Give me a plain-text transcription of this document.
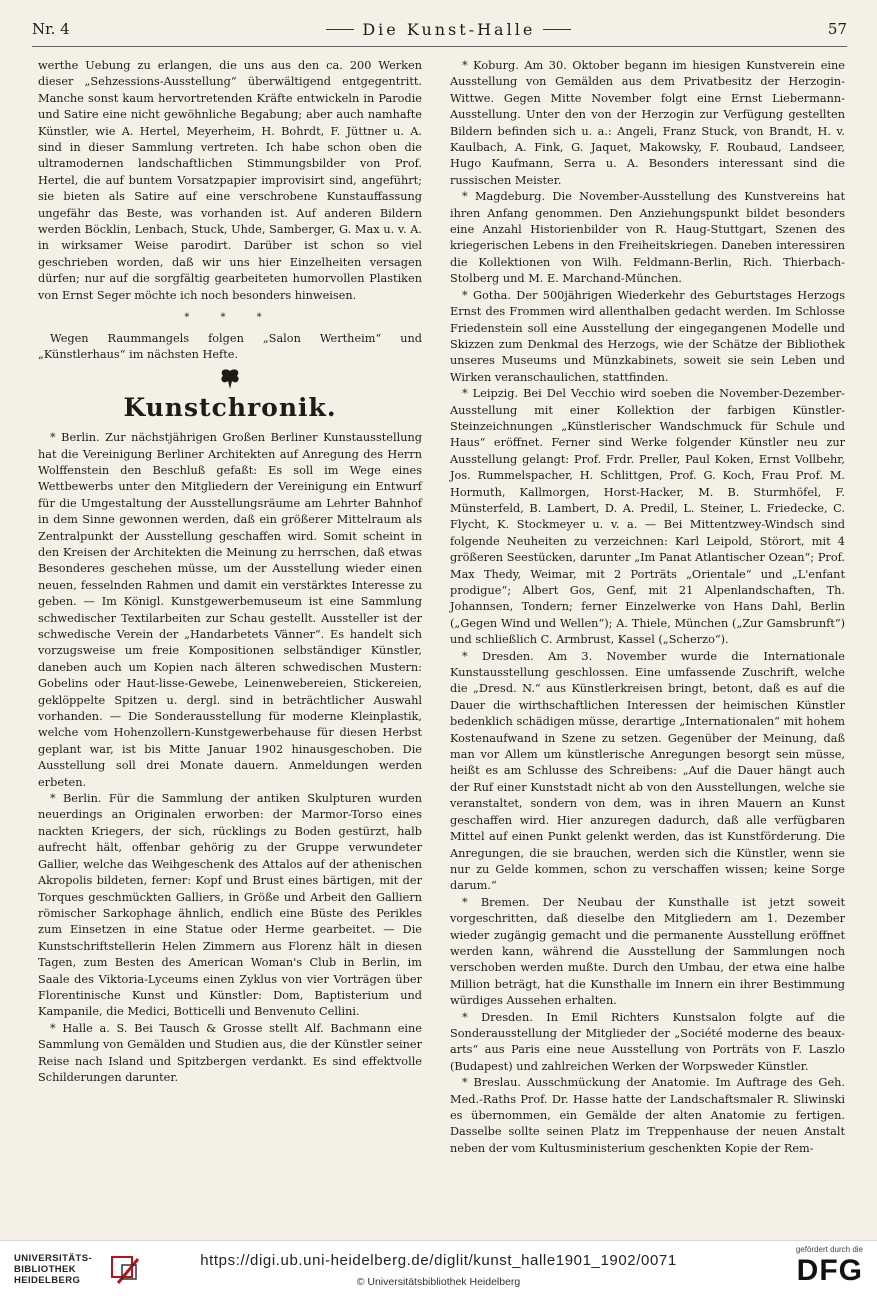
Nr. 4	Die Kunst-Halle	57

werthe Uebung zu erlangen, die uns aus den ca. 200 Werken dieser „Sehzessions-Ausstellung“ überwältigend entgegentritt. Manche sonst kaum hervortretenden Kräfte entwickeln in Parodie und Satire eine nicht gewöhnliche Begabung; aber auch namhafte Künstler, wie A. Hertel, Meyerheim, H. Bohrdt, F. Jüttner u. A. sind in dieser Sammlung vertreten. Ich habe schon oben die ultramodernen landschaftlichen Stimmungsbilder von Prof. Hertel, die auf buntem Vorsatzpapier improvisirt sind, angeführt; sie bieten als Satire auf eine verschrobene Kunstauffassung ungefähr das Beste, was vorhanden ist. Auf anderen Bildern werden Böcklin, Lenbach, Stuck, Uhde, Samberger, G. Max u. v. A. in wirksamer Weise parodirt. Darüber ist schon so viel geschrieben worden, daß wir uns hier Einzelheiten versagen dürfen; nur auf die sorgfältig gearbeiteten humorvollen Plastiken von Ernst Seger möchte ich noch besonders hinweisen.

* * *

Wegen Raummangels folgen „Salon Wertheim“ und „Künstlerhaus“ im nächsten Hefte.

Kunstchronik.

* Berlin. Zur nächstjährigen Großen Berliner Kunstausstellung hat die Vereinigung Berliner Architekten auf Anregung des Herrn Wolffenstein den Beschluß gefaßt: Es soll im Wege eines Wettbewerbs unter den Mitgliedern der Vereinigung ein Entwurf für die Umgestaltung der Ausstellungsräume am Lehrter Bahnhof in dem Sinne gewonnen werden, daß ein größerer Mittelraum als Zentralpunkt der Ausstellung geschaffen wird. Somit scheint in den Kreisen der Architekten die Meinung zu herrschen, daß etwas Besonderes geschehen müsse, um der Ausstellung wieder einen neuen, fesselnden Rahmen und damit ein verstärktes Interesse zu geben. — Im Königl. Kunstgewerbemuseum ist eine Sammlung schwedischer Textilarbeiten zur Schau gestellt. Aussteller ist der schwedische Verein der „Handarbetets Vänner“. Es handelt sich vorzugsweise um freie Kompositionen selbständiger Künstler, daneben auch um Kopien nach älteren schwedischen Mustern: Gobelins oder Haut-lisse-Gewebe, Leinenwebereien, Stickereien, geklöppelte Spitzen u. dergl. sind in beträchtlicher Auswahl vorhanden. — Die Sonderausstellung für moderne Kleinplastik, welche vom Hohenzollern-Kunstgewerbehause für diesen Herbst geplant war, ist bis Mitte Januar 1902 hinausgeschoben. Die Ausstellung soll drei Monate dauern. Anmeldungen werden erbeten.

* Berlin. Für die Sammlung der antiken Skulpturen wurden neuerdings an Originalen erworben: der Marmor-Torso eines nackten Kriegers, der sich, rücklings zu Boden gestürzt, halb aufrecht hält, offenbar gehörig zu der Gruppe verwundeter Gallier, welche das Weihgeschenk des Attalos auf der athenischen Akropolis bildeten, ferner: Kopf und Brust eines bärtigen, mit der Torques geschmückten Galliers, in Größe und Arbeit den Galliern römischer Sarkophage ähnlich, endlich eine Büste des Perikles zum Einsetzen in eine Statue oder Herme gearbeitet. — Die Kunstschriftstellerin Helen Zimmern aus Florenz hält in diesen Tagen, zum Besten des American Woman's Club in Berlin, im Saale des Viktoria-Lyceums einen Zyklus von vier Vorträgen über Florentinische Kunst und Künstler: Dom, Baptisterium und Kampanile, die Medici, Botticelli und Benvenuto Cellini.

* Halle a. S. Bei Tausch & Grosse stellt Alf. Bachmann eine Sammlung von Gemälden und Studien aus, die der Künstler seiner Reise nach Island und Spitzbergen verdankt. Es sind effektvolle Schilderungen darunter.

* Koburg. Am 30. Oktober begann im hiesigen Kunstverein eine Ausstellung von Gemälden aus dem Privatbesitz der Herzogin-Wittwe. Gegen Mitte November folgt eine Ernst Liebermann-Ausstellung. Unter den von der Herzogin zur Verfügung gestellten Bildern befinden sich u. a.: Angeli, Franz Stuck, von Brandt, H. v. Kaulbach, A. Fink, G. Jaquet, Makowsky, F. Roubaud, Landseer, Hugo Kaufmann, Serra u. A. Besonders interessant sind die russischen Meister.

* Magdeburg. Die November-Ausstellung des Kunstvereins hat ihren Anfang genommen. Den Anziehungspunkt bildet besonders eine Anzahl Historienbilder von R. Haug-Stuttgart, Szenen des kriegerischen Lebens in den Freiheitskriegen. Daneben interessiren die Kollektionen von Wilh. Feldmann-Berlin, Rich. Thierbach-Stolberg und M. E. Marchand-München.

* Gotha. Der 500jährigen Wiederkehr des Geburtstages Herzogs Ernst des Frommen wird allenthalben gedacht werden. Im Schlosse Friedenstein soll eine Ausstellung der eingegangenen Modelle und Skizzen zum Denkmal des Herzogs, wie der Schätze der Bibliothek unseres Museums und Münzkabinets, soweit sie sein Leben und Wirken veranschaulichen, stattfinden.

* Leipzig. Bei Del Vecchio wird soeben die November-Dezember-Ausstellung mit einer Kollektion der farbigen Künstler-Steinzeichnungen „Künstlerischer Wandschmuck für Schule und Haus“ eröffnet. Ferner sind Werke folgender Künstler neu zur Ausstellung gelangt: Prof. Frdr. Preller, Paul Koken, Ernst Vollbehr, Jos. Rummelspacher, H. Schlittgen, Prof. G. Koch, Frau Prof. M. Hormuth, Kallmorgen, Horst-Hacker, M. B. Sturmhöfel, F. Münsterfeld, B. Lambert, D. A. Predil, L. Steiner, L. Friedecke, C. Flycht, K. Stockmeyer u. v. a. — Bei Mittentzwey-Windsch sind folgende Neuheiten zu verzeichnen: Karl Leipold, Störort, mit 4 größeren Seestücken, darunter „Im Panat Atlantischer Ozean“; Prof. Max Thedy, Weimar, mit 2 Porträts „Orientale“ und „L'enfant prodigue“; Albert Gos, Genf, mit 21 Alpenlandschaften, Th. Johannsen, Tondern; ferner Einzelwerke von Hans Dahl, Berlin („Gegen Wind und Wellen“); A. Thiele, München („Zur Gamsbrunft“) und schließlich C. Armbrust, Kassel („Scherzo“).

* Dresden. Am 3. November wurde die Internationale Kunstausstellung geschlossen. Eine umfassende Zuschrift, welche die „Dresd. N.“ aus Künstlerkreisen bringt, betont, daß es auf die Dauer die wirthschaftlichen Interessen der heimischen Künstler bedenklich schädigen müsse, derartige „Internationalen“ mit hohem Kostenaufwand in Szene zu setzen. Gegenüber der Meinung, daß man vor Allem um künstlerische Anregungen besorgt sein müsse, heißt es am Schlusse des Schreibens: „Auf die Dauer hängt auch der Ruf einer Kunststadt nicht ab von den Ausstellungen, welche sie veranstaltet, sondern von dem, was in ihren Mauern an Kunst geschaffen wird. Hier anzuregen dadurch, daß alle verfügbaren Mittel auf einen Punkt gelenkt werden, das ist Kunstförderung. Die Anregungen, die sie brauchen, werden sich die Künstler, wenn sie nur zu Gelde kommen, schon zu verschaffen wissen; keine Sorge darum.“

* Bremen. Der Neubau der Kunsthalle ist jetzt soweit vorgeschritten, daß dieselbe den Mitgliedern am 1. Dezember wieder zugängig gemacht und die permanente Ausstellung eröffnet werden kann, während die Ausstellung der Sammlungen noch verschoben werden mußte. Durch den Umbau, der etwa eine halbe Million beträgt, hat die Kunsthalle im Innern ein ihrer Bestimmung würdiges Aussehen erhalten.

* Dresden. In Emil Richters Kunstsalon folgte auf die Sonderausstellung der Mitglieder der „Société moderne des beaux-arts“ aus Paris eine neue Ausstellung von Porträts von F. Laszlo (Budapest) und zahlreichen Werken der Worpsweder Künstler.

* Breslau. Ausschmückung der Anatomie. Im Auftrage des Geh. Med.-Raths Prof. Dr. Hasse hatte der Landschaftsmaler R. Sliwinski es übernommen, ein Gemälde der alten Anatomie zu fertigen. Dasselbe sollte seinen Platz im Treppenhause der neuen Anstalt neben der vom Kultusministerium geschenkten Kopie der Rem-

UNIVERSITÄTS-BIBLIOTHEK HEIDELBERG
https://digi.ub.uni-heidelberg.de/diglit/kunst_halle1901_1902/0071
© Universitätsbibliothek Heidelberg
gefördert durch die
DFG
